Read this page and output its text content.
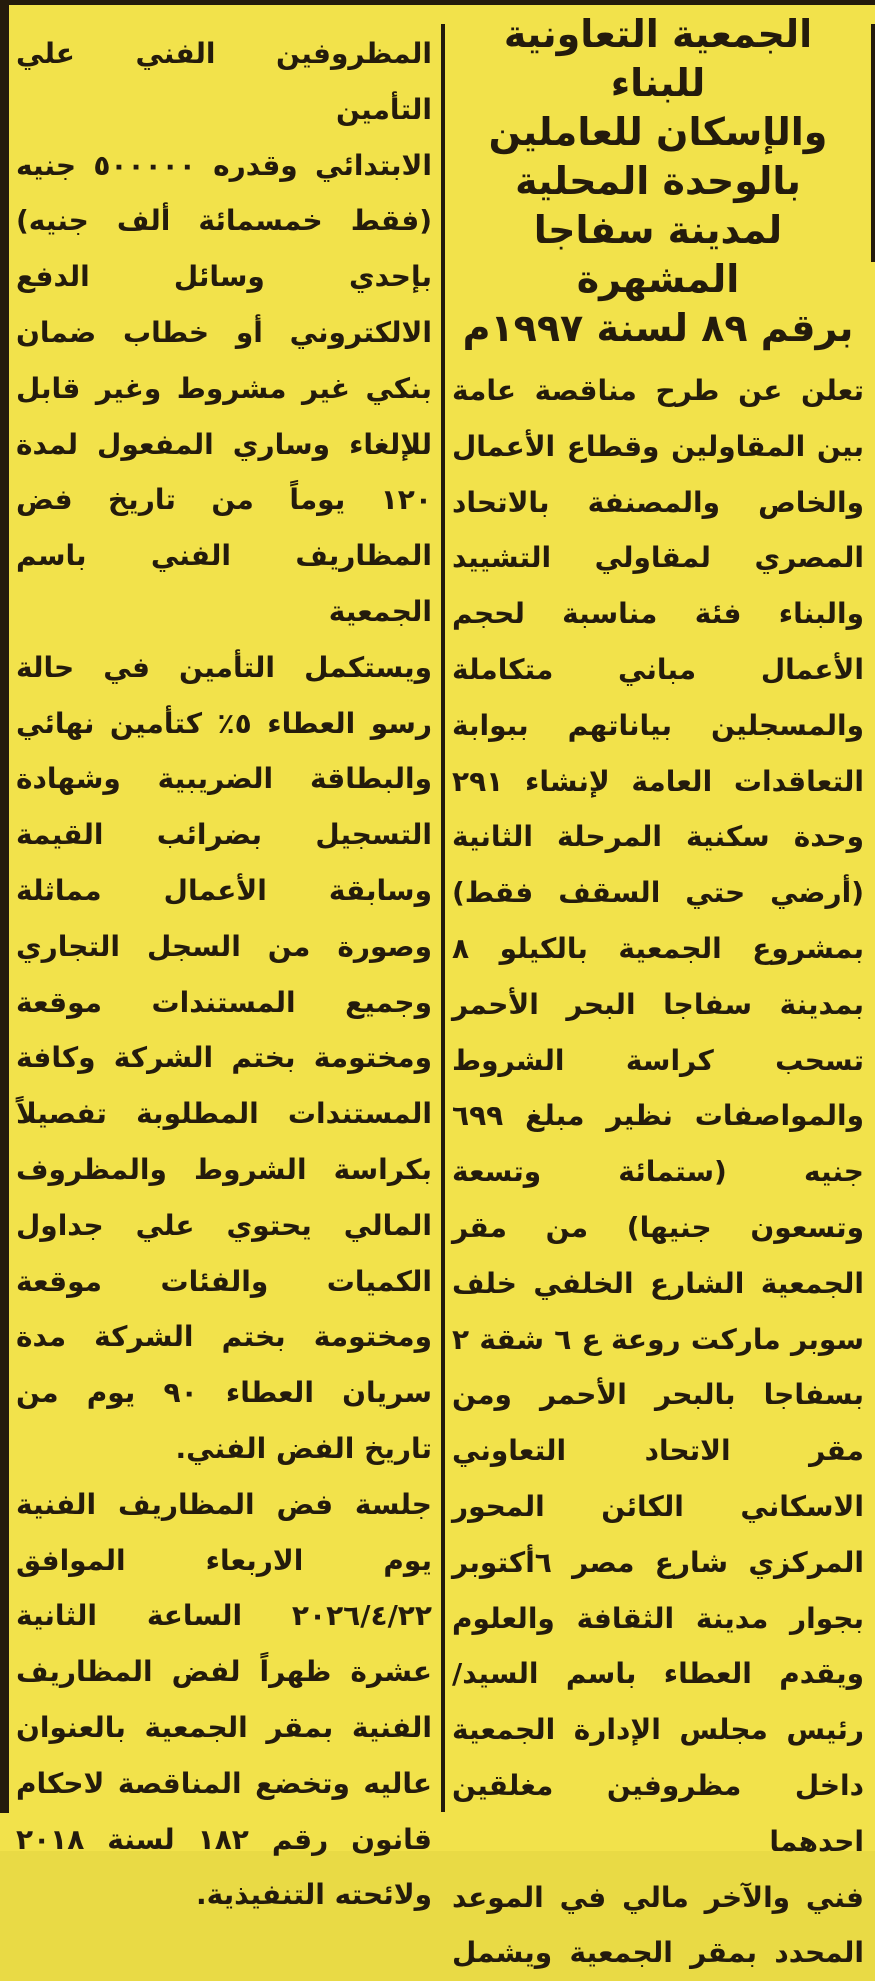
الجمعية التعاونية للبناء
والإسكان للعاملين
بالوحدة المحلية
لمدينة سفاجا المشهرة
برقم ٨٩ لسنة ١٩٩٧م
تعلن عن طرح مناقصة عامة
بين المقاولين وقطاع الأعمال
والخاص والمصنفة بالاتحاد
المصري لمقاولي التشييد
والبناء فئة مناسبة لحجم
الأعمال مباني متكاملة
والمسجلين بياناتهم ببوابة
التعاقدات العامة لإنشاء ٢٩١
وحدة سكنية المرحلة الثانية
(أرضي حتي السقف فقط)
بمشروع الجمعية بالكيلو ٨
بمدينة سفاجا البحر الأحمر
تسحب كراسة الشروط
والمواصفات نظير مبلغ ٦٩٩
جنيه (ستمائة وتسعة
وتسعون جنيها) من مقر
الجمعية الشارع الخلفي خلف
سوبر ماركت روعة ع ٦ شقة ٢
بسفاجا بالبحر الأحمر ومن
مقر الاتحاد التعاوني
الاسكاني الكائن المحور
المركزي شارع مصر ٦أكتوبر
بجوار مدينة الثقافة والعلوم
ويقدم العطاء باسم السيد/
رئيس مجلس الإدارة الجمعية
داخل مظروفين مغلقين احدهما
فني والآخر مالي في الموعد
المحدد بمقر الجمعية ويشمل
المظروفين الفني علي التأمين
الابتدائي وقدره ٥٠٠٠٠٠ جنيه
(فقط خمسمائة ألف جنيه)
بإحدي وسائل الدفع
الالكتروني أو خطاب ضمان
بنكي غير مشروط وغير قابل
للإلغاء وساري المفعول لمدة
١٢٠ يوماً من تاريخ فض
المظاريف الفني باسم الجمعية
ويستكمل التأمين في حالة
رسو العطاء ٥٪ كتأمين نهائي
والبطاقة الضريبية وشهادة
التسجيل بضرائب القيمة
وسابقة الأعمال مماثلة
وصورة من السجل التجاري
وجميع المستندات موقعة
ومختومة بختم الشركة وكافة
المستندات المطلوبة تفصيلاً
بكراسة الشروط والمظروف
المالي يحتوي علي جداول
الكميات والفئات موقعة
ومختومة بختم الشركة مدة
سريان العطاء ٩٠ يوم من
تاريخ الفض الفني.
جلسة فض المظاريف الفنية
يوم الاربعاء الموافق
٢٠٢٦/٤/٢٢ الساعة الثانية
عشرة ظهراً لفض المظاريف
الفنية بمقر الجمعية بالعنوان
عاليه وتخضع المناقصة لاحكام
قانون رقم ١٨٢ لسنة ٢٠١٨
ولائحته التنفيذية.
